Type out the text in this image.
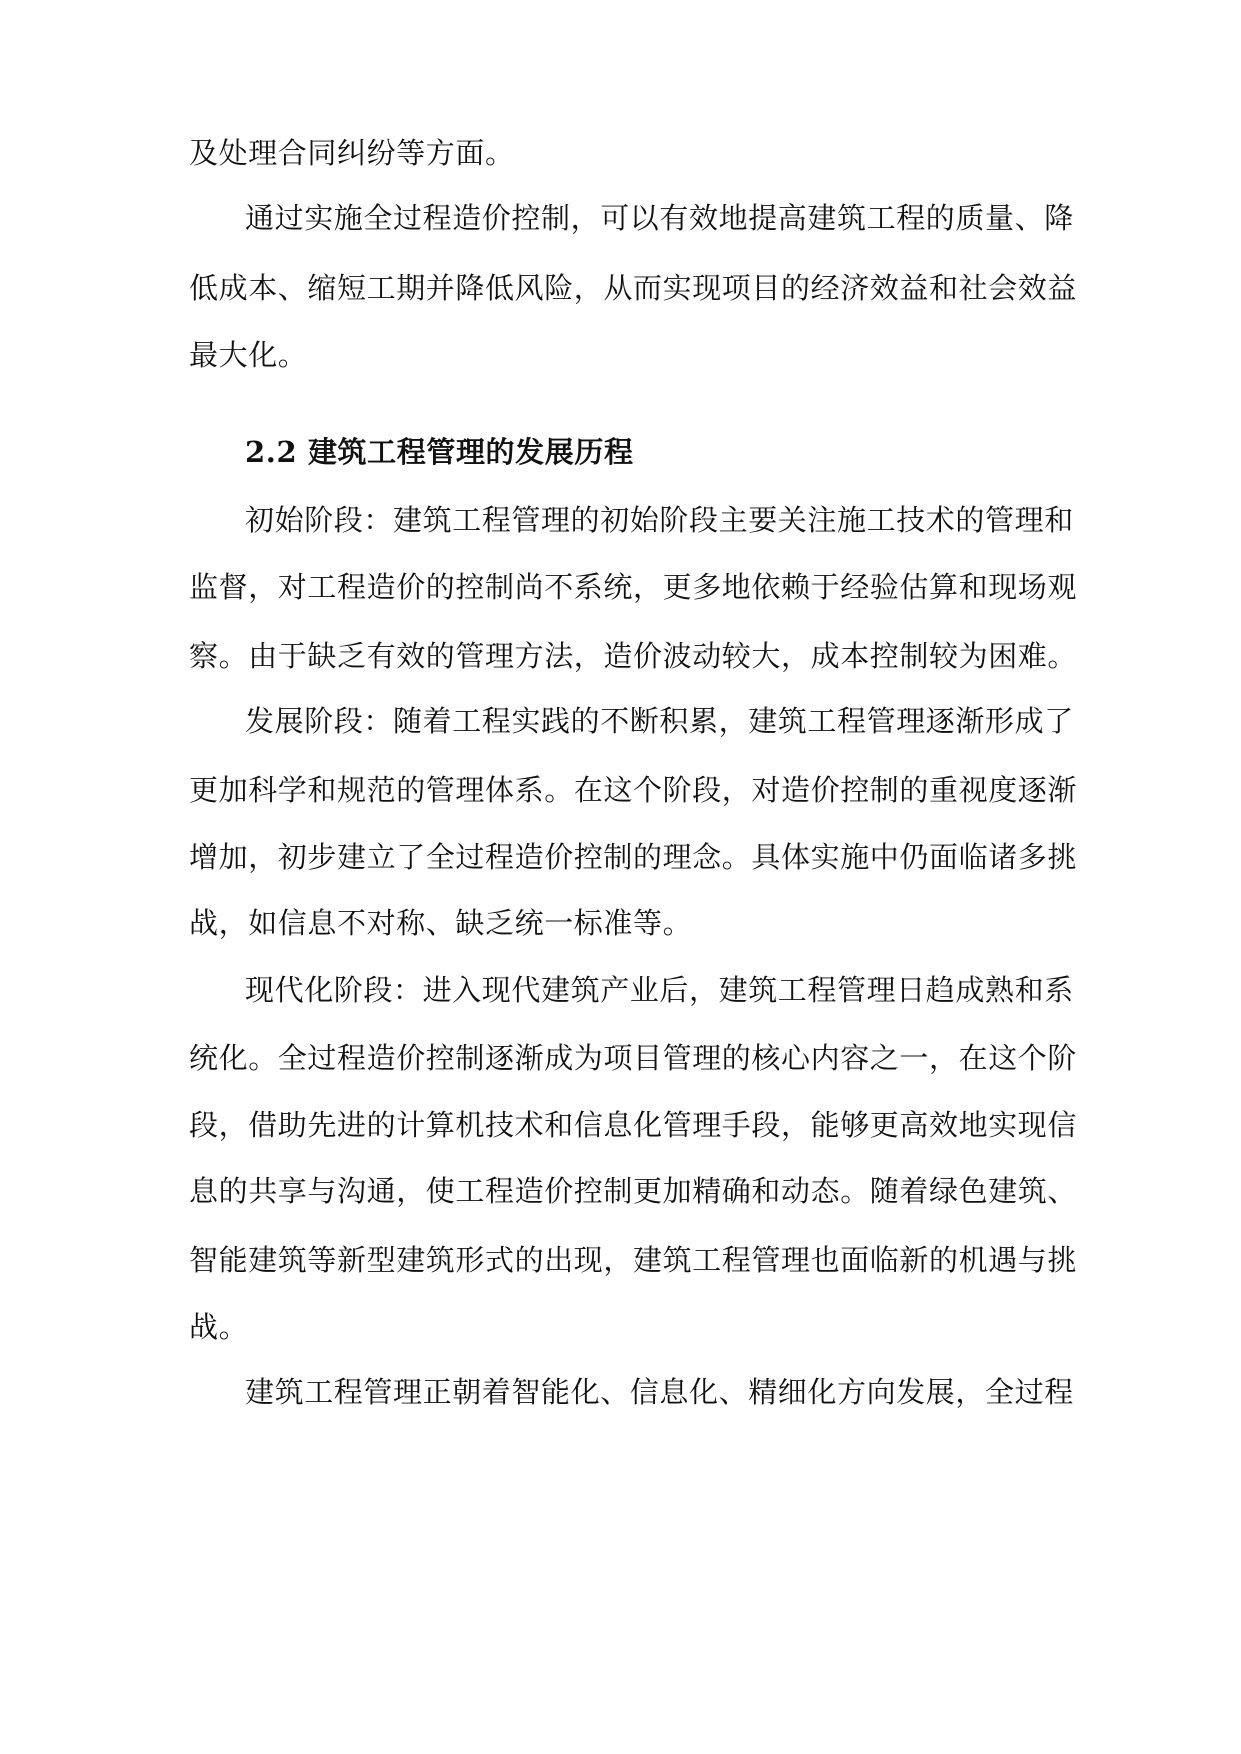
及处理合同纠纷等方面。
通过实施全过程造价控制，可以有效地提高建筑工程的质量、降
低成本、缩短工期并降低风险，从而实现项目的经济效益和社会效益
最大化。
2.2 建筑工程管理的发展历程
初始阶段：建筑工程管理的初始阶段主要关注施工技术的管理和
监督，对工程造价的控制尚不系统，更多地依赖于经验估算和现场观
察。由于缺乏有效的管理方法，造价波动较大，成本控制较为困难。
发展阶段：随着工程实践的不断积累，建筑工程管理逐渐形成了
更加科学和规范的管理体系。在这个阶段，对造价控制的重视度逐渐
增加，初步建立了全过程造价控制的理念。具体实施中仍面临诸多挑
战，如信息不对称、缺乏统一标准等。
现代化阶段：进入现代建筑产业后，建筑工程管理日趋成熟和系
统化。全过程造价控制逐渐成为项目管理的核心内容之一，在这个阶
段，借助先进的计算机技术和信息化管理手段，能够更高效地实现信
息的共享与沟通，使工程造价控制更加精确和动态。随着绿色建筑、
智能建筑等新型建筑形式的出现，建筑工程管理也面临新的机遇与挑
战。
建筑工程管理正朝着智能化、信息化、精细化方向发展，全过程
